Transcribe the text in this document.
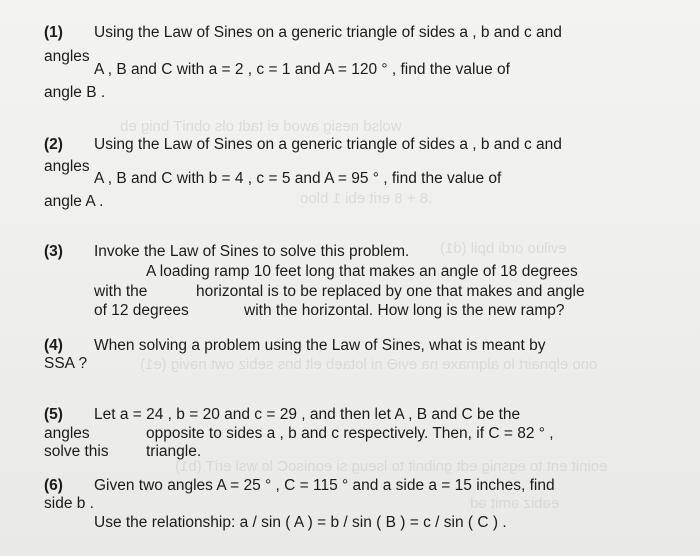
wolsd nesig awod ei tadt ols obniT bnig eb
.8 + 8 erit ebi 1 bloo
eviluo ordi bpil (d1)
ono elpnairt lo alqmaxe na eviƏ ni lotaeb elt bns sebiz owt nəvig (e1)
eoinit ent to egsnig edt gnibnit to lseug si eonisoC lo wsl eriT (b1)
eəbiz əmit əd
(1) Using the Law of Sines on a generic triangle of sides a , b and c and
angles
A , B and C with a = 2 , c = 1 and A = 120 ° , find the value of
angle B .
(2) Using the Law of Sines on a generic triangle of sides a , b and c and
angles
A , B and C with b = 4 , c = 5 and A = 95 ° , find the value of
angle A .
(3) Invoke the Law of Sines to solve this problem.
A loading ramp 10 feet long that makes an angle of 18 degrees
with the	horizontal is to be replaced by one that makes and angle
of 12 degrees	with the horizontal. How long is the new ramp?
(4) When solving a problem using the Law of Sines, what is meant by
SSA ?
(5) Let a = 24 , b = 20 and c = 29 , and then let A , B and C be the
angles	opposite to sides a , b and c respectively. Then, if C = 82 ° ,
solve this triangle.
(6) Given two angles A = 25 ° , C = 115 ° and a side a = 15 inches, find
side b .
Use the relationship: a / sin ( A ) = b / sin ( B ) = c / sin ( C ) .
